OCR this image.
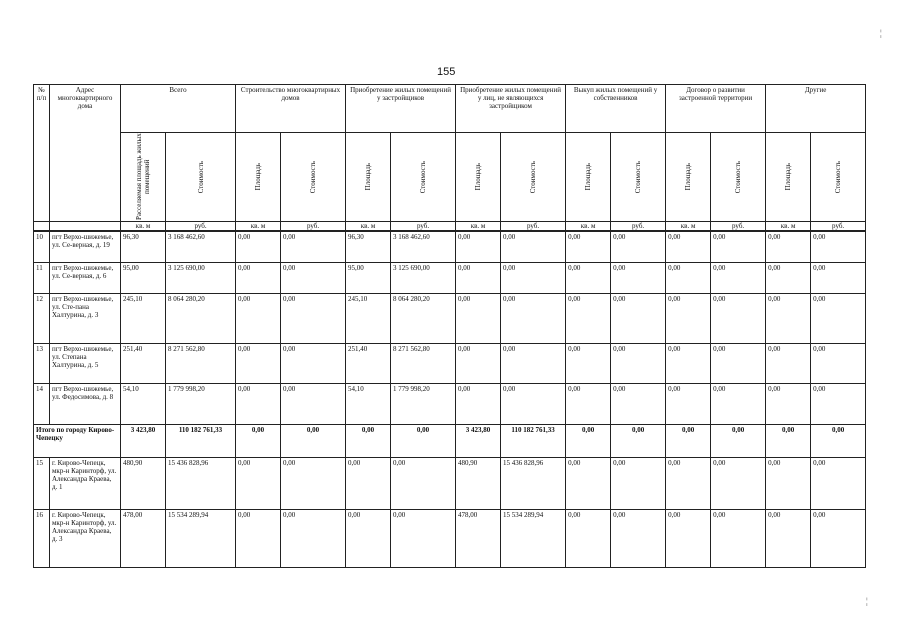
155
¦
¦
№ п/п	Адрес многоквартирного дома	Всего		Строительство многоквартирных домов		Приобретение жилых помещений у застройщиков		Приобретение жилых помещений у лиц, не являющихся застройщиком		Выкуп жилых помещений у собственников		Договор о развитии застроенной территории		Другие	

		Расселяемая площадь жилых помещений	Стоимость	Площадь	Стоимость	Площадь	Стоимость	Площадь	Стоимость	Площадь	Стоимость	Площадь	Стоимость	Площадь	Стоимость

		кв. м	руб.	кв. м	руб.	кв. м	руб.	кв. м	руб.	кв. м	руб.	кв. м	руб.	кв. м	руб.
10	пгт Верхо-шижемье, ул. Се-верная, д. 19	96,30	3 168 462,60	0,00	0,00	96,30	3 168 462,60	0,00	0,00	0,00	0,00	0,00	0,00	0,00	0,00
11	пгт Верхо-шижемье, ул. Се-верная, д. 6	95,00	3 125 690,00	0,00	0,00	95,00	3 125 690,00	0,00	0,00	0,00	0,00	0,00	0,00	0,00	0,00
12	пгт Верхо-шижемье, ул. Сте-пана Халтурина, д. 3	245,10	8 064 280,20	0,00	0,00	245,10	8 064 280,20	0,00	0,00	0,00	0,00	0,00	0,00	0,00	0,00
13	пгт Верхо-шижемье, ул. Степана Халтурина, д. 5	251,40	8 271 562,80	0,00	0,00	251,40	8 271 562,80	0,00	0,00	0,00	0,00	0,00	0,00	0,00	0,00
14	пгт Верхо-шижемье, ул. Федосимова, д. 8	54,10	1 779 998,20	0,00	0,00	54,10	1 779 998,20	0,00	0,00	0,00	0,00	0,00	0,00	0,00	0,00
Итого по городу Кирово-Чепецку		3 423,80	110 182 761,33	0,00	0,00	0,00	0,00	3 423,80	110 182 761,33	0,00	0,00	0,00	0,00	0,00	0,00
15	г. Кирово-Чепецк, мкр-н Каринторф, ул. Александра Краева, д. 1	480,90	15 436 828,96	0,00	0,00	0,00	0,00	480,90	15 436 828,96	0,00	0,00	0,00	0,00	0,00	0,00
16	г. Кирово-Чепецк, мкр-н Каринторф, ул. Александра Краева, д. 3	478,00	15 534 289,94	0,00	0,00	0,00	0,00	478,00	15 534 289,94	0,00	0,00	0,00	0,00	0,00	0,00
